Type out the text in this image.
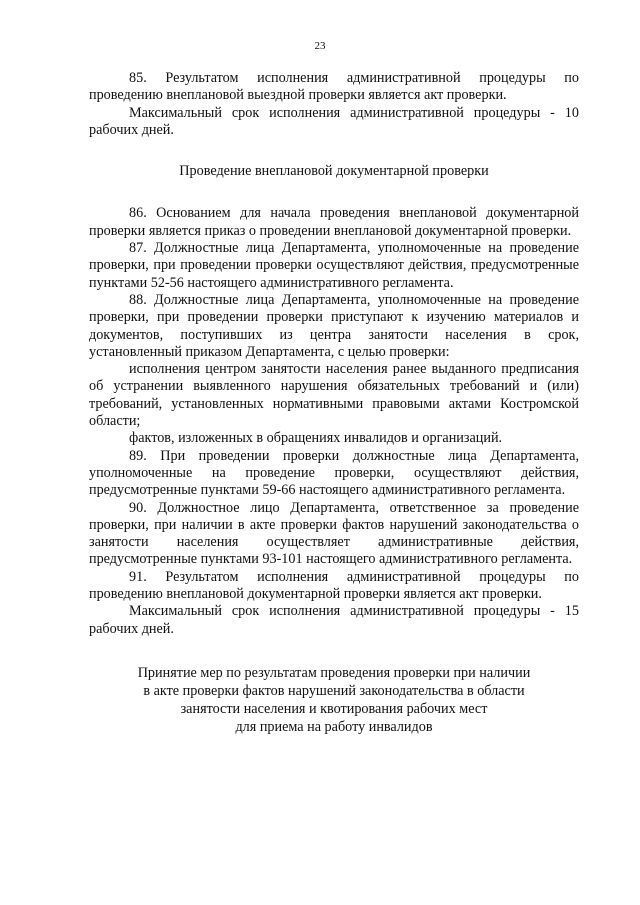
23

85. Результатом исполнения административной процедуры по проведению внеплановой выездной проверки является акт проверки.

Максимальный срок исполнения административной процедуры - 10 рабочих дней.

Проведение внеплановой документарной проверки

86. Основанием для начала проведения внеплановой документарной проверки является приказ о проведении внеплановой документарной проверки.

87. Должностные лица Департамента, уполномоченные на проведение проверки, при проведении проверки осуществляют действия, предусмотренные пунктами 52-56 настоящего административного регламента.

88. Должностные лица Департамента, уполномоченные на проведение проверки, при проведении проверки приступают к изучению материалов и документов, поступивших из центра занятости населения в срок, установленный приказом Департамента, с целью проверки:

исполнения центром занятости населения ранее выданного предписания об устранении выявленного нарушения обязательных требований и (или) требований, установленных нормативными правовыми актами Костромской области;

фактов, изложенных в обращениях инвалидов и организаций.

89. При проведении проверки должностные лица Департамента, уполномоченные на проведение проверки, осуществляют действия, предусмотренные пунктами 59-66 настоящего административного регламента.

90. Должностное лицо Департамента, ответственное за проведение проверки, при наличии в акте проверки фактов нарушений законодательства о занятости населения осуществляет административные действия, предусмотренные пунктами 93-101 настоящего административного регламента.

91. Результатом исполнения административной процедуры по проведению внеплановой документарной проверки является акт проверки.

Максимальный срок исполнения административной процедуры - 15 рабочих дней.

Принятие мер по результатам проведения проверки при наличии
в акте проверки фактов нарушений законодательства в области
занятости населения и квотирования рабочих мест
для приема на работу инвалидов
